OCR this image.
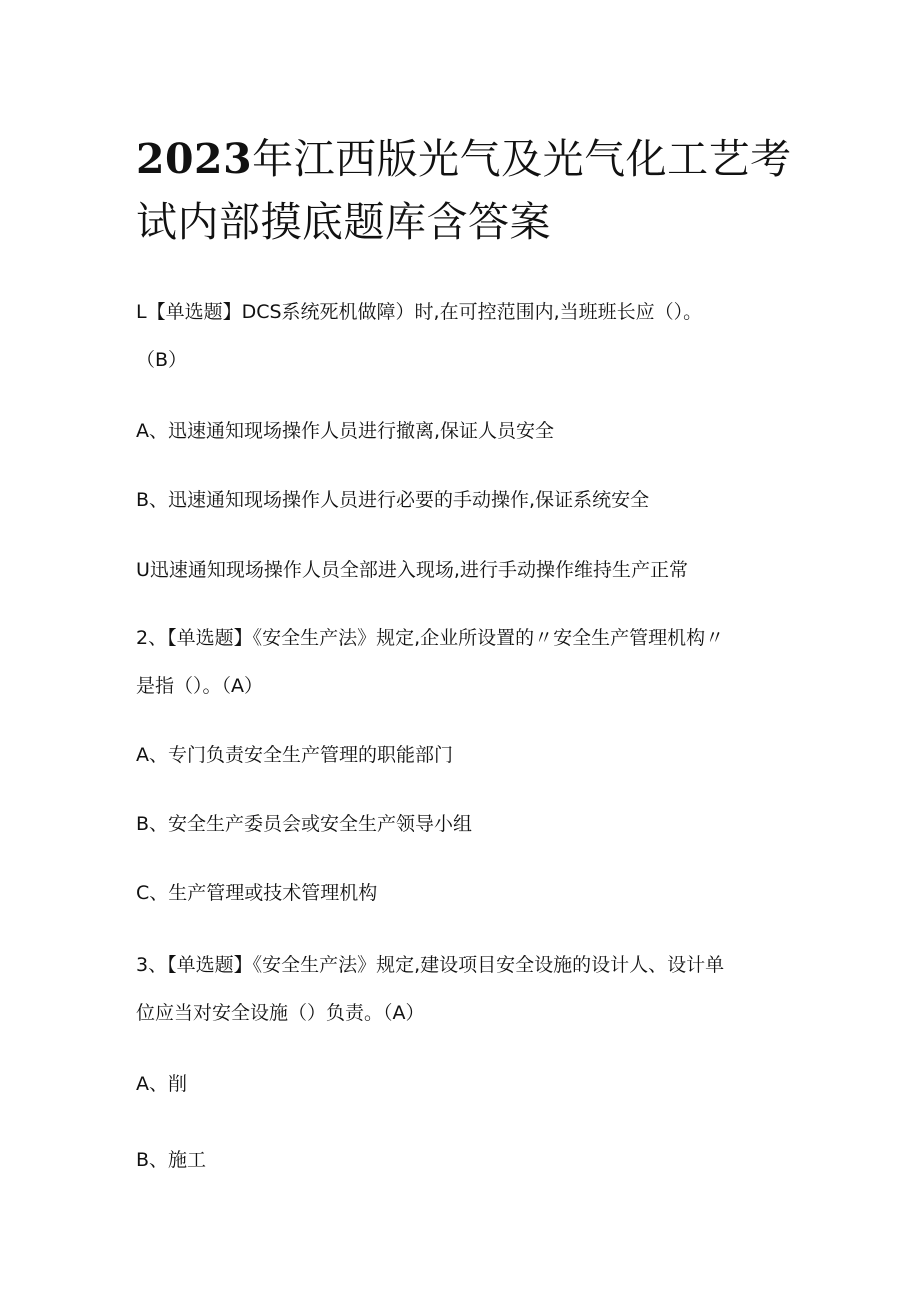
2023年江西版光气及光气化工艺考试内部摸底题库含答案

L【单选题】DCS系统死机做障）时,在可控范围内,当班班长应（）。

（B）

A、迅速通知现场操作人员进行撤离,保证人员安全

B、迅速通知现场操作人员进行必要的手动操作,保证系统安全

U迅速通知现场操作人员全部进入现场,进行手动操作维持生产正常

2、【单选题】《安全生产法》规定,企业所设置的〃安全生产管理机构〃

是指（）。（A）

A、专门负责安全生产管理的职能部门

B、安全生产委员会或安全生产领导小组

C、生产管理或技术管理机构

3、【单选题】《安全生产法》规定,建设项目安全设施的设计人、设计单

位应当对安全设施（）负责。（A）

A、削

B、施工
